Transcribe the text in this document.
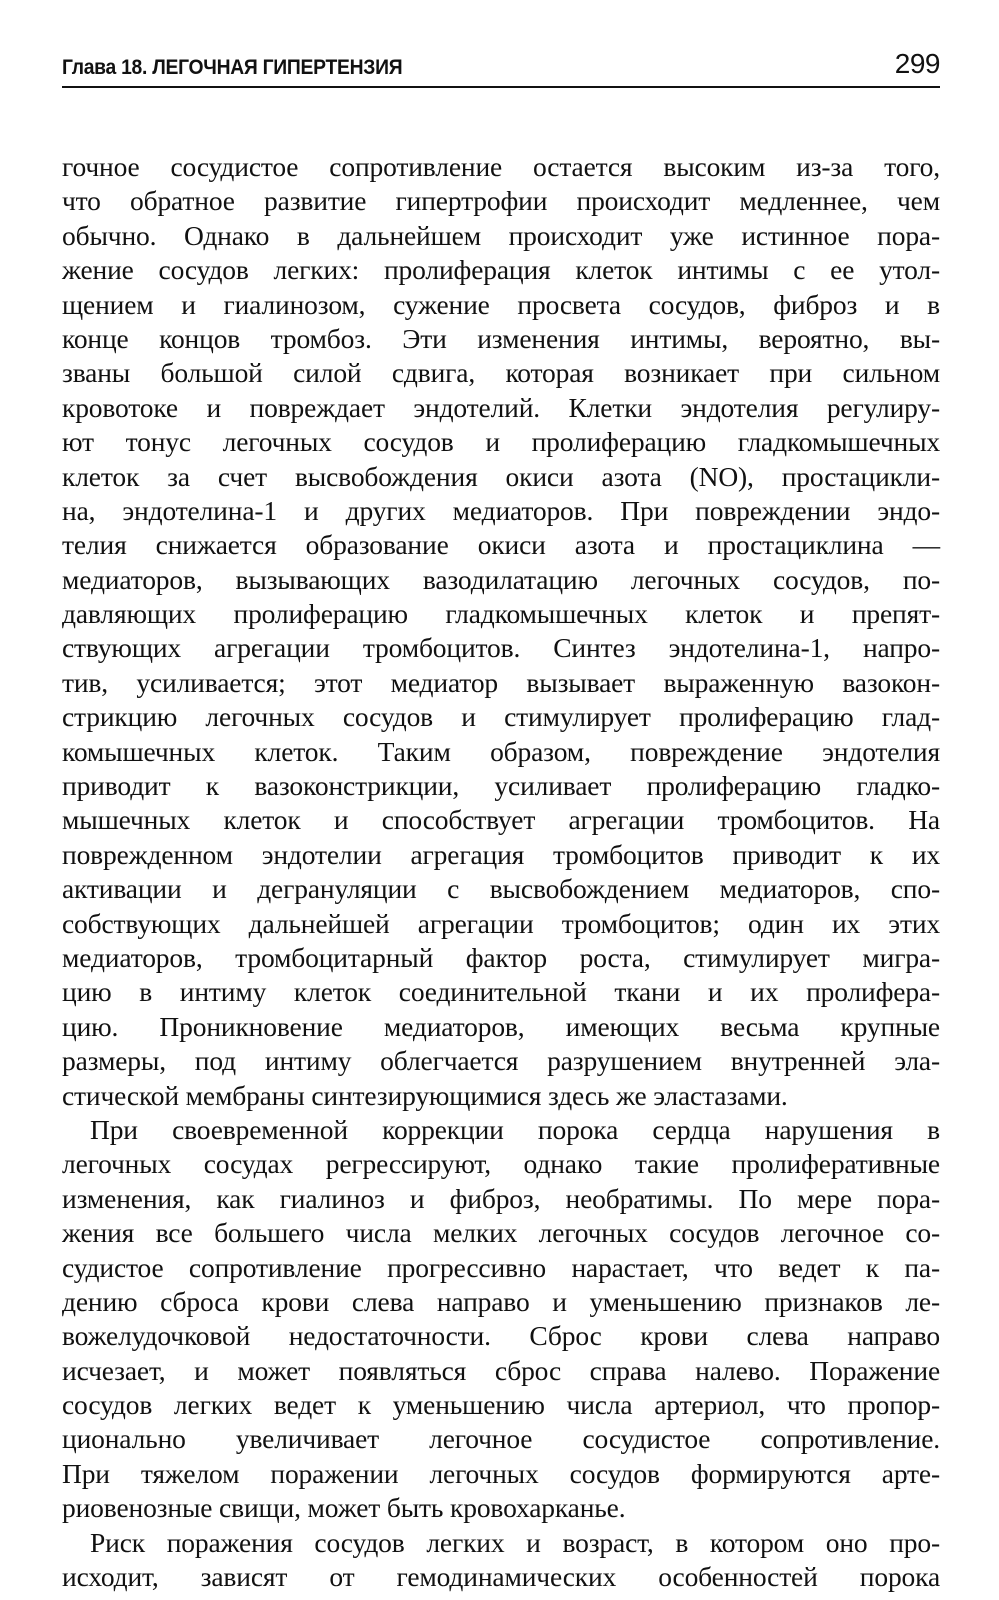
Глава 18. ЛЕГОЧНАЯ ГИПЕРТЕНЗИЯ	299
гочное сосудистое сопротивление остается высоким из-за того,
что обратное развитие гипертрофии происходит медленнее, чем
обычно. Однако в дальнейшем происходит уже истинное пора-
жение сосудов легких: пролиферация клеток интимы с ее утол-
щением и гиалинозом, сужение просвета сосудов, фиброз и в
конце концов тромбоз. Эти изменения интимы, вероятно, вы-
званы большой силой сдвига, которая возникает при сильном
кровотоке и повреждает эндотелий. Клетки эндотелия регулиру-
ют тонус легочных сосудов и пролиферацию гладкомышечных
клеток за счет высвобождения окиси азота (NO), простацикли-
на, эндотелина-1 и других медиаторов. При повреждении эндо-
телия снижается образование окиси азота и простациклина —
медиаторов, вызывающих вазодилатацию легочных сосудов, по-
давляющих пролиферацию гладкомышечных клеток и препят-
ствующих агрегации тромбоцитов. Синтез эндотелина-1, напро-
тив, усиливается; этот медиатор вызывает выраженную вазокон-
стрикцию легочных сосудов и стимулирует пролиферацию глад-
комышечных клеток. Таким образом, повреждение эндотелия
приводит к вазоконстрикции, усиливает пролиферацию гладко-
мышечных клеток и способствует агрегации тромбоцитов. На
поврежденном эндотелии агрегация тромбоцитов приводит к их
активации и дегрануляции с высвобождением медиаторов, спо-
собствующих дальнейшей агрегации тромбоцитов; один их этих
медиаторов, тромбоцитарный фактор роста, стимулирует мигра-
цию в интиму клеток соединительной ткани и их пролифера-
цию. Проникновение медиаторов, имеющих весьма крупные
размеры, под интиму облегчается разрушением внутренней эла-
стической мембраны синтезирующимися здесь же эластазами.
При своевременной коррекции порока сердца нарушения в
легочных сосудах регрессируют, однако такие пролиферативные
изменения, как гиалиноз и фиброз, необратимы. По мере пора-
жения все большего числа мелких легочных сосудов легочное со-
судистое сопротивление прогрессивно нарастает, что ведет к па-
дению сброса крови слева направо и уменьшению признаков ле-
вожелудочковой недостаточности. Сброс крови слева направо
исчезает, и может появляться сброс справа налево. Поражение
сосудов легких ведет к уменьшению числа артериол, что пропор-
ционально увеличивает легочное сосудистое сопротивление.
При тяжелом поражении легочных сосудов формируются арте-
риовенозные свищи, может быть кровохарканье.
Риск поражения сосудов легких и возраст, в котором оно про-
исходит, зависят от гемодинамических особенностей порока
